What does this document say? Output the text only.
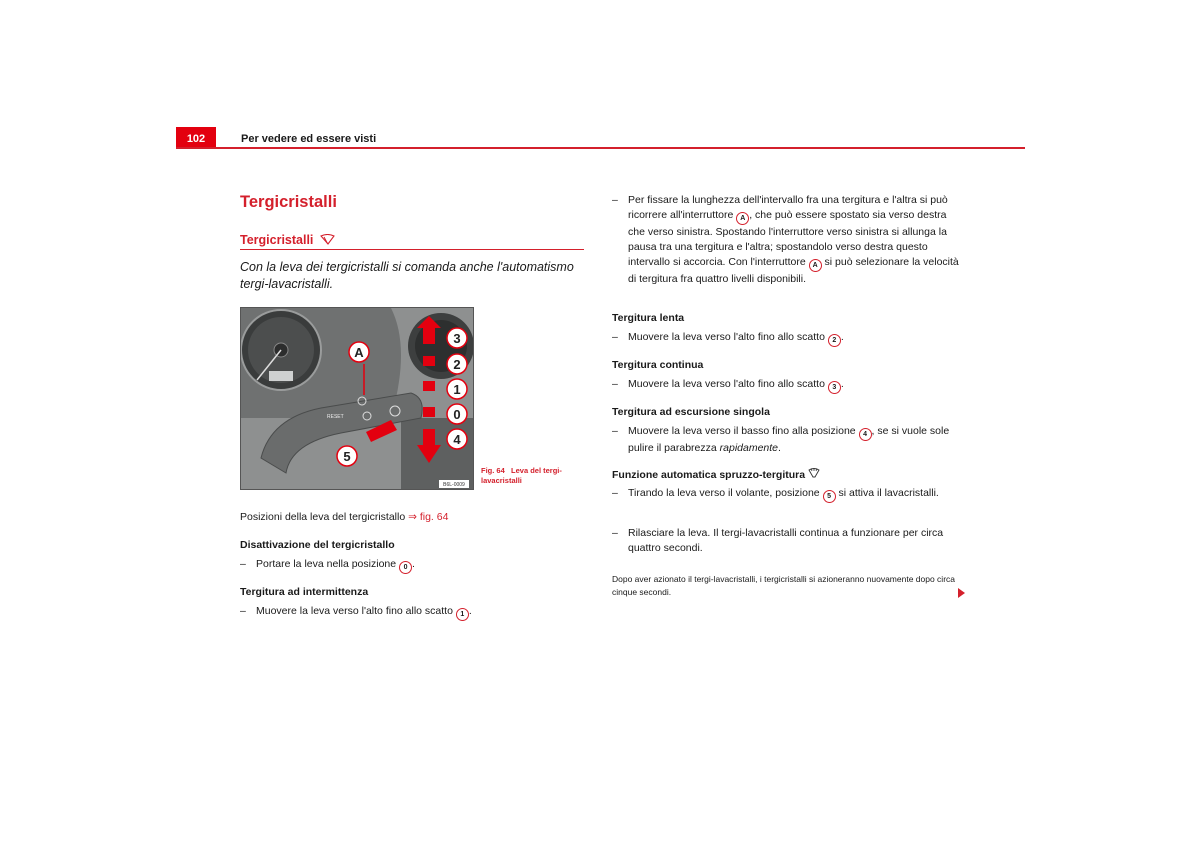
102	Per vedere ed essere visti
Tergicristalli
Tergicristalli
Con la leva dei tergicristalli si comanda anche l'automatismo tergi-lavacristalli.
RESET
A
3
2
1
0
4
5
B6L-0009
Fig. 64 Leva del tergi-lavacristalli
Posizioni della leva del tergicristallo ⇒ fig. 64
Disattivazione del tergicristallo
– Portare la leva nella posizione 0 .
Tergitura ad intermittenza
– Muovere la leva verso l'alto fino allo scatto 1 .
– Per fissare la lunghezza dell'intervallo fra una tergitura e l'altra si può ricorrere all'interruttore A , che può essere spostato sia verso destra che verso sinistra. Spostando l'interruttore verso sinistra si allunga la pausa tra una tergitura e l'altra; spostandolo verso destra questo intervallo si accorcia. Con l'interruttore A si può selezionare la velocità di tergitura fra quattro livelli disponibili.
Tergitura lenta
– Muovere la leva verso l'alto fino allo scatto 2 .
Tergitura continua
– Muovere la leva verso l'alto fino allo scatto 3 .
Tergitura ad escursione singola
– Muovere la leva verso il basso fino alla posizione 4 , se si vuole sole pulire il parabrezza rapidamente.
Funzione automatica spruzzo-tergitura
– Tirando la leva verso il volante, posizione 5 si attiva il lavacristalli.
– Rilasciare la leva. Il tergi-lavacristalli continua a funzionare per circa quattro secondi.
Dopo aver azionato il tergi-lavacristalli, i tergicristalli si azioneranno nuovamente dopo circa cinque secondi.
